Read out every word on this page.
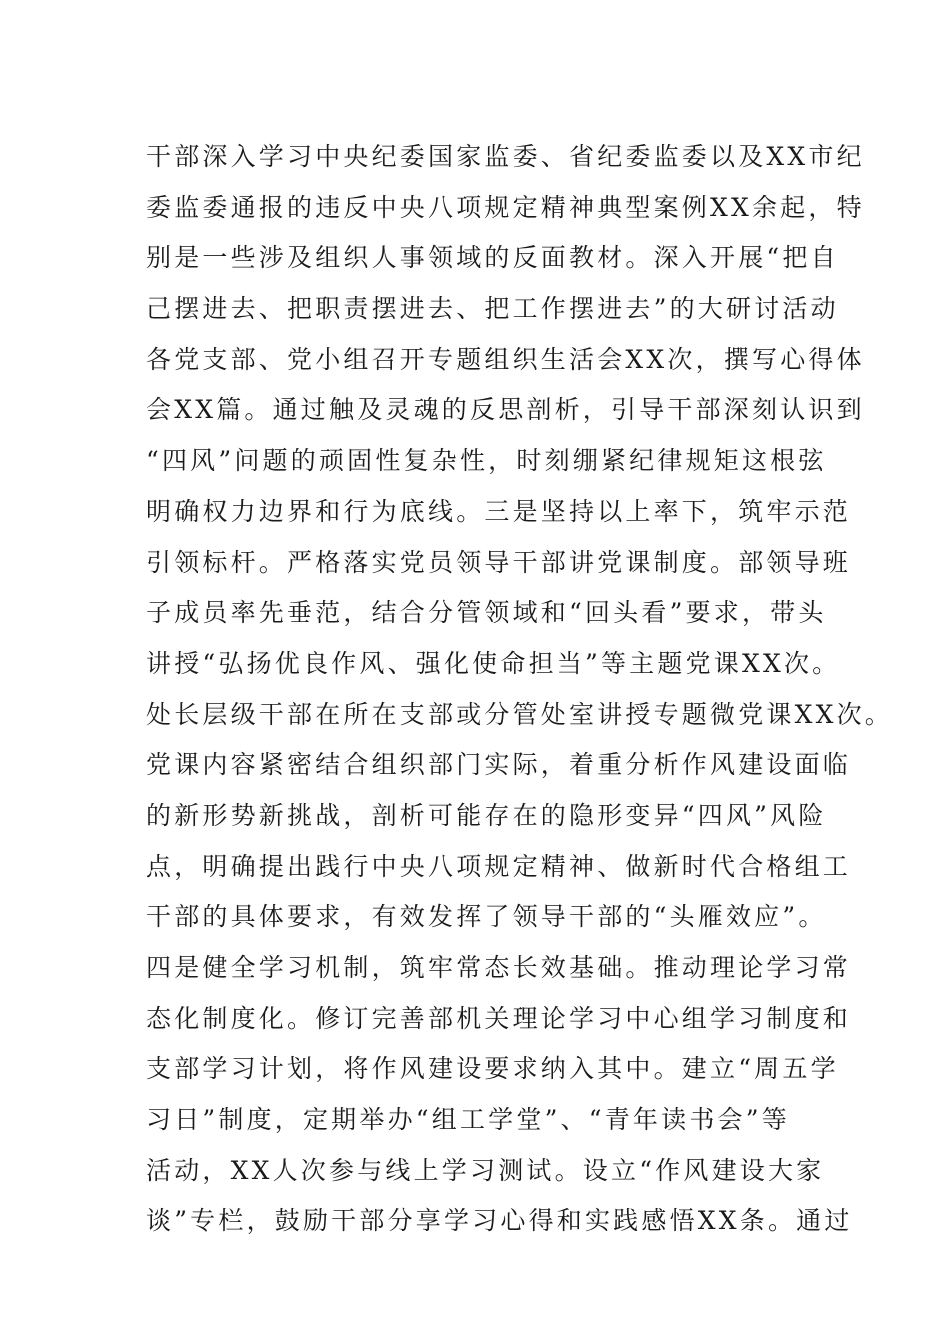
干部深入学习中央纪委国家监委、省纪委监委以及XX市纪
委监委通报的违反中央八项规定精神典型案例XX余起，特
别是一些涉及组织人事领域的反面教材。深入开展“把自
己摆进去、把职责摆进去、把工作摆进去”的大研讨活动
各党支部、党小组召开专题组织生活会XX次，撰写心得体
会XX篇。通过触及灵魂的反思剖析，引导干部深刻认识到
“四风”问题的顽固性复杂性，时刻绷紧纪律规矩这根弦
明确权力边界和行为底线。三是坚持以上率下，筑牢示范
引领标杆。严格落实党员领导干部讲党课制度。部领导班
子成员率先垂范，结合分管领域和“回头看”要求，带头
讲授“弘扬优良作风、强化使命担当”等主题党课XX次。
处长层级干部在所在支部或分管处室讲授专题微党课XX次。
党课内容紧密结合组织部门实际，着重分析作风建设面临
的新形势新挑战，剖析可能存在的隐形变异“四风”风险
点，明确提出践行中央八项规定精神、做新时代合格组工
干部的具体要求，有效发挥了领导干部的“头雁效应”。
四是健全学习机制，筑牢常态长效基础。推动理论学习常
态化制度化。修订完善部机关理论学习中心组学习制度和
支部学习计划，将作风建设要求纳入其中。建立“周五学
习日”制度，定期举办“组工学堂”、“青年读书会”等
活动，XX人次参与线上学习测试。设立“作风建设大家
谈”专栏，鼓励干部分享学习心得和实践感悟XX条。通过
